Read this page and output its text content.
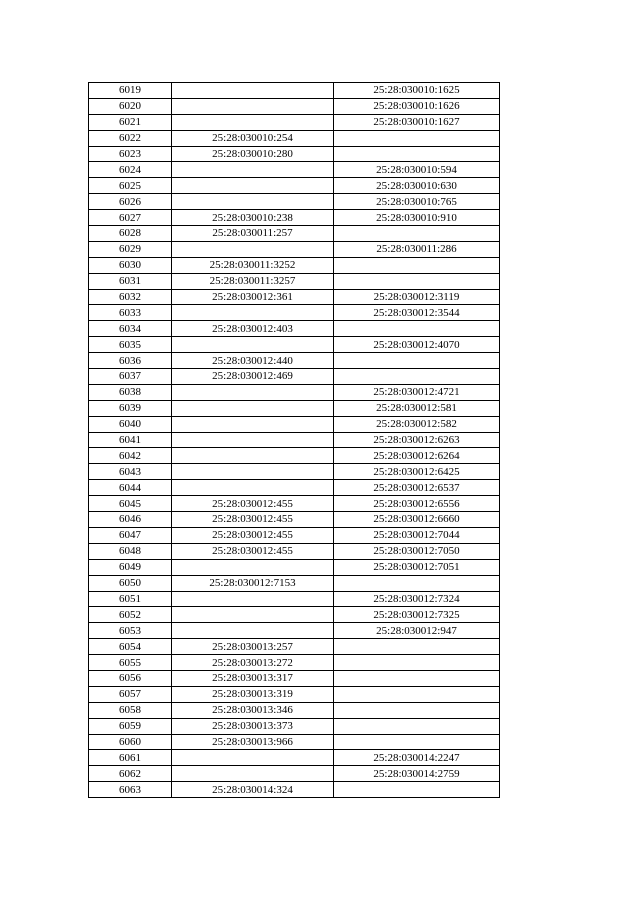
6019		25:28:030010:1625
6020		25:28:030010:1626
6021		25:28:030010:1627
6022	25:28:030010:254	
6023	25:28:030010:280	
6024		25:28:030010:594
6025		25:28:030010:630
6026		25:28:030010:765
6027	25:28:030010:238	25:28:030010:910
6028	25:28:030011:257	
6029		25:28:030011:286
6030	25:28:030011:3252	
6031	25:28:030011:3257	
6032	25:28:030012:361	25:28:030012:3119
6033		25:28:030012:3544
6034	25:28:030012:403	
6035		25:28:030012:4070
6036	25:28:030012:440	
6037	25:28:030012:469	
6038		25:28:030012:4721
6039		25:28:030012:581
6040		25:28:030012:582
6041		25:28:030012:6263
6042		25:28:030012:6264
6043		25:28:030012:6425
6044		25:28:030012:6537
6045	25:28:030012:455	25:28:030012:6556
6046	25:28:030012:455	25:28:030012:6660
6047	25:28:030012:455	25:28:030012:7044
6048	25:28:030012:455	25:28:030012:7050
6049		25:28:030012:7051
6050	25:28:030012:7153	
6051		25:28:030012:7324
6052		25:28:030012:7325
6053		25:28:030012:947
6054	25:28:030013:257	
6055	25:28:030013:272	
6056	25:28:030013:317	
6057	25:28:030013:319	
6058	25:28:030013:346	
6059	25:28:030013:373	
6060	25:28:030013:966	
6061		25:28:030014:2247
6062		25:28:030014:2759
6063	25:28:030014:324	
